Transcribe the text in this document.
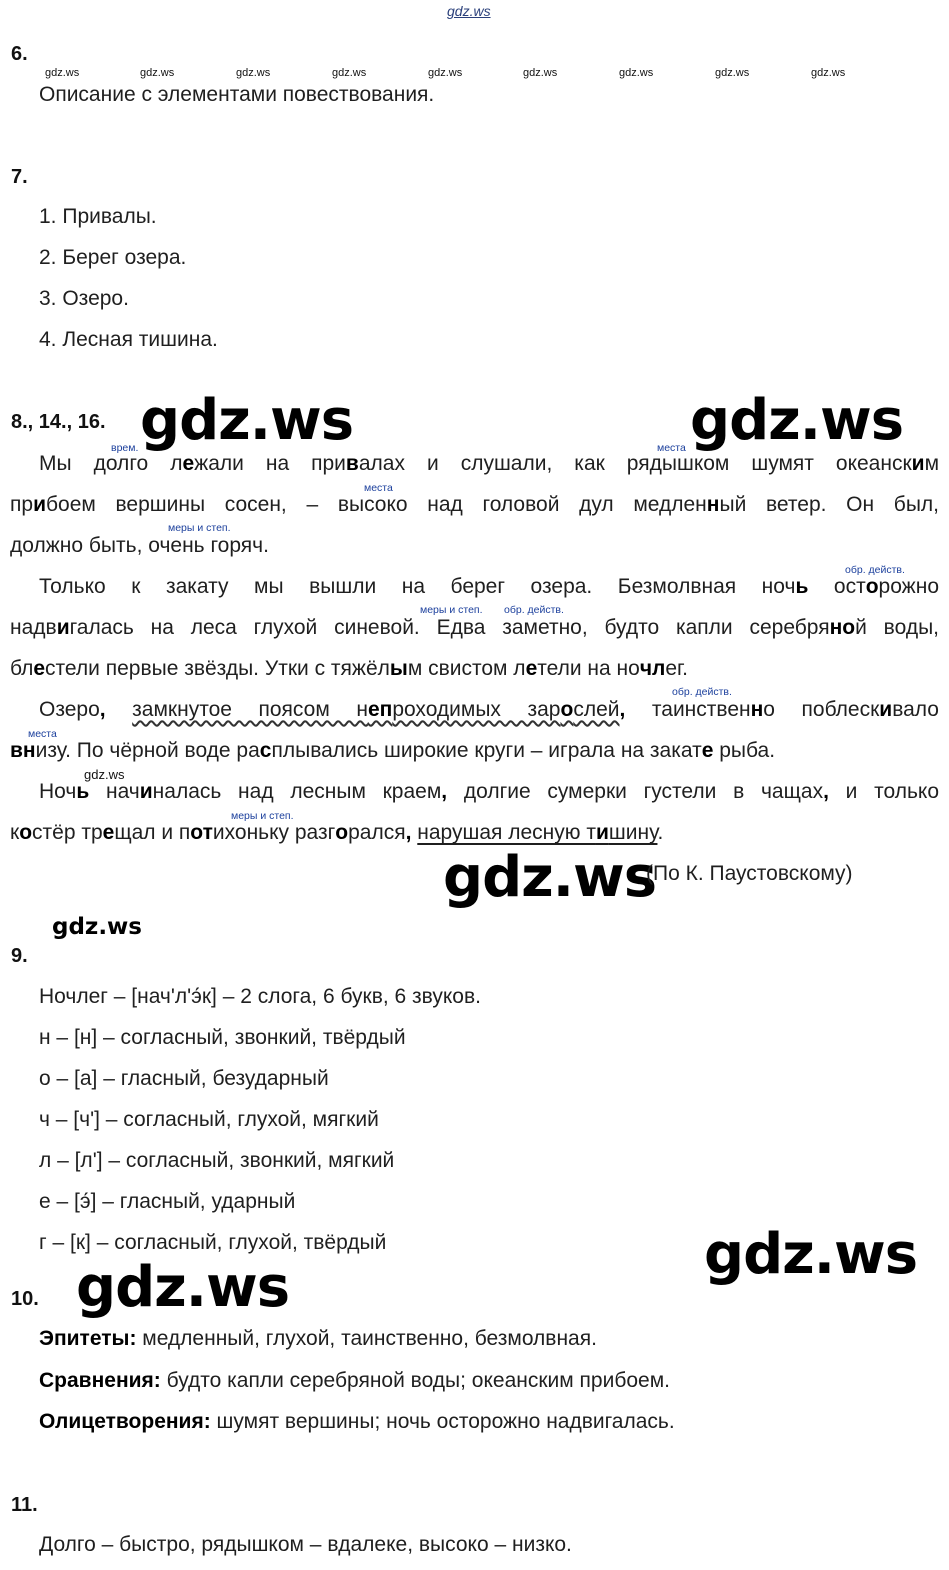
gdz.ws
6.
gdz.ws	gdz.ws	gdz.ws	gdz.ws	gdz.ws	gdz.ws	gdz.ws	gdz.ws	gdz.ws
Описание с элементами повествования.
7.
1. Привалы.
2. Берег озера.
3. Озеро.
4. Лесная тишина.
8., 14., 16. gdz.ws	gdz.ws
врем.	места
места
меры и степ.
обр. действ.
меры и степ. обр. действ.
обр. действ.
места
меры и степ.
Мы долго лежали на привалах и слушали, как рядышком шумят океанским
прибоем вершины сосен, – высоко над головой дул медленный ветер. Он был,
должно быть, очень горяч.
Только к закату мы вышли на берег озера. Безмолвная ночь осторожно
надвигалась на леса глухой синевой. Едва заметно, будто капли серебряной воды,
блестели первые звёзды. Утки с тяжёлым свистом летели на ночлег.
Озеро, замкнутое поясом непроходимых зарослей, таинственно поблескивало
внизу. По чёрной воде расплывались широкие круги – играла на закате рыба.
gdz.ws
Ночь начиналась над лесным краем, долгие сумерки густели в чащах, и только
костёр трещал и потихоньку разгорался, нарушая лесную тишину.
gdz.ws
(По К. Паустовскому)
gdz.ws
9.
Ночлег – [нач'л'э́к] – 2 слога, 6 букв, 6 звуков.
н – [н] – согласный, звонкий, твёрдый
о – [а] – гласный, безударный
ч – [ч'] – согласный, глухой, мягкий
л – [л'] – согласный, звонкий, мягкий
е – [э́] – гласный, ударный
г – [к] – согласный, глухой, твёрдый	gdz.ws
10. gdz.ws
Эпитеты: медленный, глухой, таинственно, безмолвная.
Сравнения: будто капли серебряной воды; океанским прибоем.
Олицетворения: шумят вершины; ночь осторожно надвигалась.
11.
Долго – быстро, рядышком – вдалеке, высоко – низко.
